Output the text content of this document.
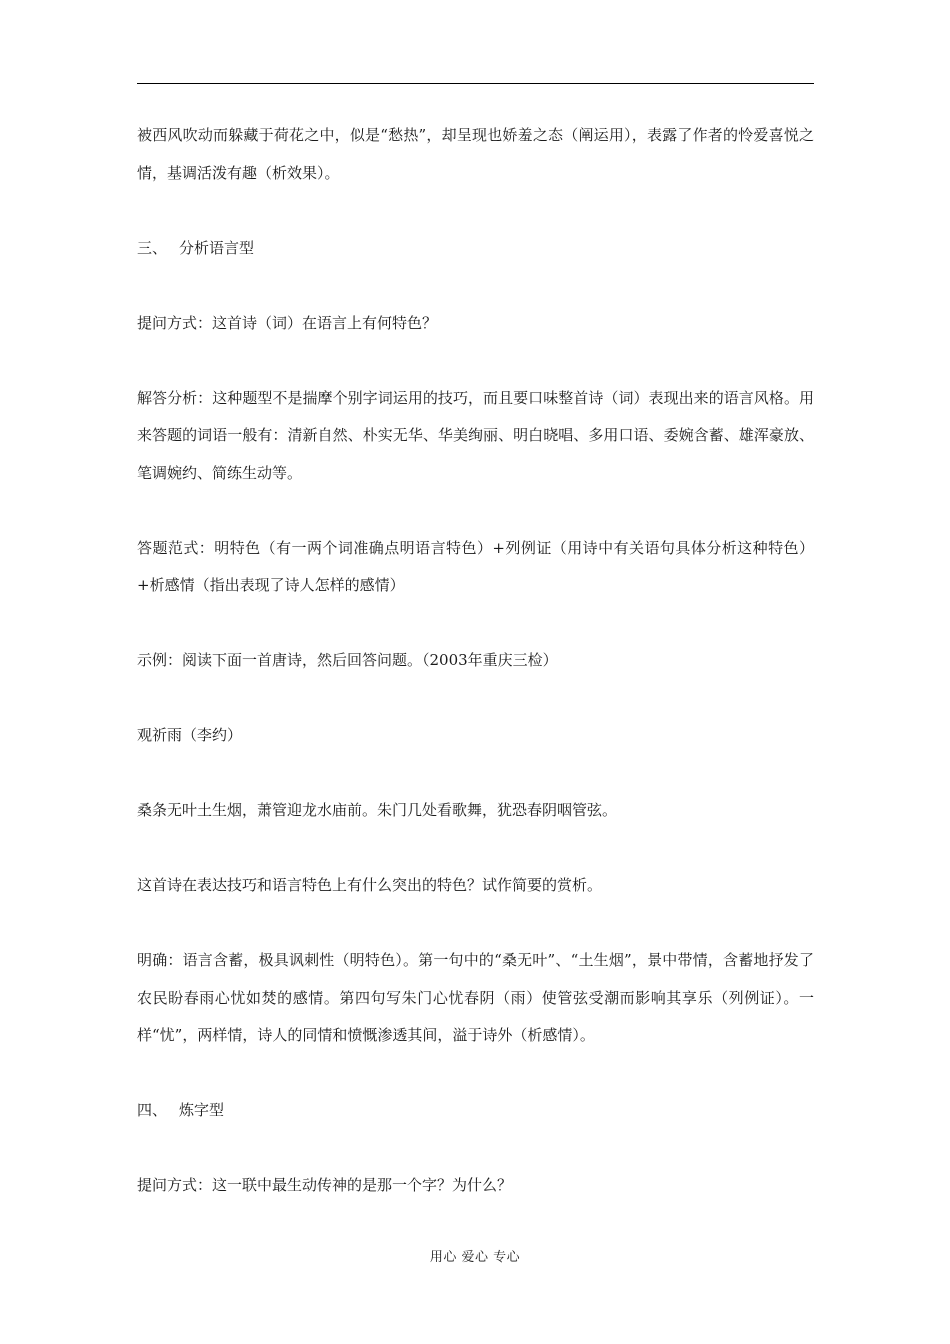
被西风吹动而躲藏于荷花之中，似是“愁热”，却呈现也娇羞之态（阐运用），表露了作者的怜爱喜悦之情，基调活泼有趣（析效果）。

三、 分析语言型

提问方式：这首诗（词）在语言上有何特色？

解答分析：这种题型不是揣摩个别字词运用的技巧，而且要口味整首诗（词）表现出来的语言风格。用来答题的词语一般有：清新自然、朴实无华、华美绚丽、明白晓唱、多用口语、委婉含蓄、雄浑豪放、笔调婉约、简练生动等。

答题范式：明特色（有一两个词准确点明语言特色）+列例证（用诗中有关语句具体分析这种特色）+析感情（指出表现了诗人怎样的感情）

示例：阅读下面一首唐诗，然后回答问题。（2003年重庆三检）

观祈雨（李约）

桑条无叶土生烟，萧管迎龙水庙前。朱门几处看歌舞，犹恐春阴咽管弦。

这首诗在表达技巧和语言特色上有什么突出的特色？试作简要的赏析。

明确：语言含蓄，极具讽刺性（明特色）。第一句中的“桑无叶”、“土生烟”，景中带情，含蓄地抒发了农民盼春雨心忧如焚的感情。第四句写朱门心忧春阴（雨）使管弦受潮而影响其享乐（列例证）。一样“忧”，两样情，诗人的同情和愤慨渗透其间，溢于诗外（析感情）。

四、 炼字型

提问方式：这一联中最生动传神的是那一个字？为什么？

用心 爱心 专心
